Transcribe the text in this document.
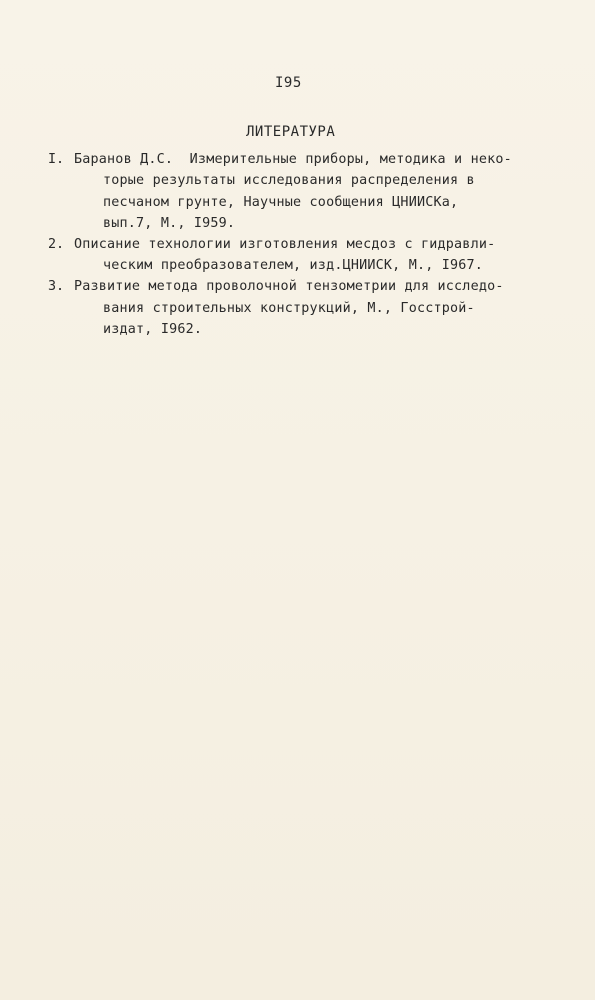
I95
ЛИТЕРАТУРА
I. Баранов Д.С.  Измерительные приборы, методика и неко-
торые результаты исследования распределения в
песчаном грунте, Научные сообщения ЦНИИСКа,
вып.7, М., I959.
2. Описание технологии изготовления месдоз с гидравли-
ческим преобразователем, изд.ЦНИИСК, М., I967.
3. Развитие метода проволочной тензометрии для исследо-
вания строительных конструкций, М., Госстрой-
издат, I962.
